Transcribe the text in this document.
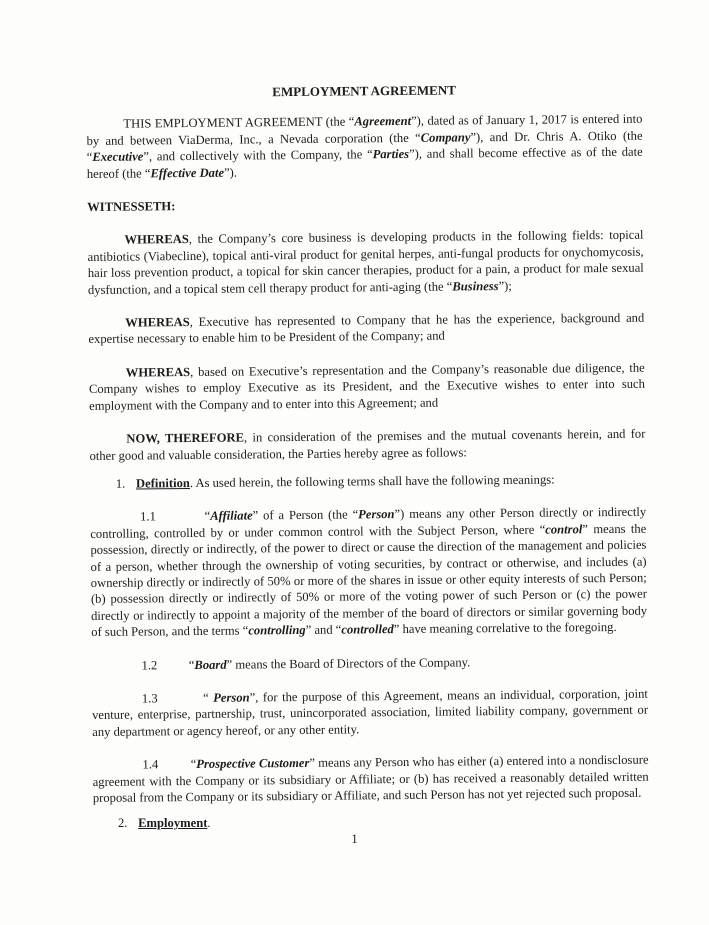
EMPLOYMENT AGREEMENT

THIS EMPLOYMENT AGREEMENT (the “Agreement”), dated as of January 1, 2017 is entered into by and between ViaDerma, Inc., a Nevada corporation (the “Company”), and Dr. Chris A. Otiko (the “Executive”, and collectively with the Company, the “Parties”), and shall become effective as of the date hereof (the “Effective Date”).

WITNESSETH:

WHEREAS, the Company’s core business is developing products in the following fields: topical antibiotics (Viabecline), topical anti-viral product for genital herpes, anti-fungal products for onychomycosis, hair loss prevention product, a topical for skin cancer therapies, product for a pain, a product for male sexual dysfunction, and a topical stem cell therapy product for anti-aging (the “Business”);

WHEREAS, Executive has represented to Company that he has the experience, background and expertise necessary to enable him to be President of the Company; and

WHEREAS, based on Executive’s representation and the Company’s reasonable due diligence, the Company wishes to employ Executive as its President, and the Executive wishes to enter into such employment with the Company and to enter into this Agreement; and

NOW, THEREFORE, in consideration of the premises and the mutual covenants herein, and for other good and valuable consideration, the Parties hereby agree as follows:

1. Definition. As used herein, the following terms shall have the following meanings:

1.1	“Affiliate” of a Person (the “Person”) means any other Person directly or indirectly controlling, controlled by or under common control with the Subject Person, where “control” means the possession, directly or indirectly, of the power to direct or cause the direction of the management and policies of a person, whether through the ownership of voting securities, by contract or otherwise, and includes (a) ownership directly or indirectly of 50% or more of the shares in issue or other equity interests of such Person; (b) possession directly or indirectly of 50% or more of the voting power of such Person or (c) the power directly or indirectly to appoint a majority of the member of the board of directors or similar governing body of such Person, and the terms “controlling” and “controlled” have meaning correlative to the foregoing.

1.2 “Board” means the Board of Directors of the Company.

1.3	“ Person”, for the purpose of this Agreement, means an individual, corporation, joint venture, enterprise, partnership, trust, unincorporated association, limited liability company, government or any department or agency hereof, or any other entity.

1.4	“Prospective Customer” means any Person who has either (a) entered into a nondisclosure agreement with the Company or its subsidiary or Affiliate; or (b) has received a reasonably detailed written proposal from the Company or its subsidiary or Affiliate, and such Person has not yet rejected such proposal.

2. Employment.
1
